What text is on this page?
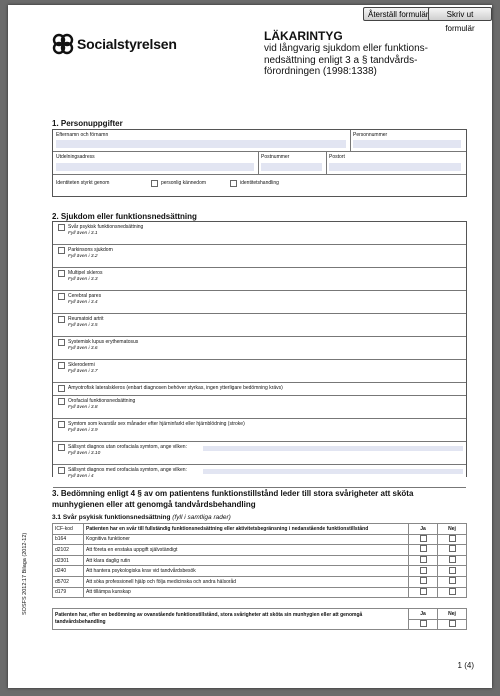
Återställ formulär	Skriv ut formulär
Socialstyrelsen	LÄKARINTYG
vid långvarig sjukdom eller funktions-
nedsättning enligt 3 a § tandvårds-
förordningen (1998:1338)
1. Personuppgifter
Efternamn och förnamn	Personnummer
Utdelningsadress	Postnummer	Postort
Identiteten styrkt genom	personlig kännedom	identitetshandling
2. Sjukdom eller funktionsnedsättning
Svår psykisk funktionsnedsättning
Fyll även i 3.1
Parkinsons sjukdom
Fyll även i 3.2
Multipel skleros
Fyll även i 3.3
Cerebral pares
Fyll även i 3.4
Reumatoid artrit
Fyll även i 3.5
Systemisk lupus erythematosus
Fyll även i 3.6
Sklerodermi
Fyll även i 3.7
Amyotrofisk lateralskleros (enbart diagnosen behöver styrkas, ingen ytterligare bedömning krävs)
Orofacial funktionsnedsättning
Fyll även i 3.8
Symtom som kvarstår sex månader efter hjärninfarkt eller hjärnblödning (stroke)
Fyll även i 3.9
Sällsynt diagnos utan orofaciala symtom, ange vilken:
Fyll även i 3.10
Sällsynt diagnos med orofaciala symtom, ange vilken:
Fyll även i 4
3. Bedömning enligt 4 § av om patientens funktionstillstånd leder till stora svårigheter att sköta
munhygienen eller att genomgå tandvårdsbehandling
3.1 Svår psykisk funktionsnedsättning (fyll i samtliga rader)
ICF-kod	Patienten har en svår till fullständig funktionsnedsättning eller aktivitetsbegränsning i nedanstående funktionstillstånd	Ja	Nej
b164	Kognitiva funktioner		
d2102	Att företa en enstaka uppgift självständigt		
d2301	Att klara daglig rutin		
d240	Att hantera psykologiska krav vid tandvårdsbesök		
d5702	Att söka professionell hjälp och följa medicinska och andra hälsoråd		
d179	Att tillämpa kunskap		
Patienten har, efter en bedömning av ovanstående funktionstillstånd, stora svårigheter att sköta sin munhygien eller att genomgå tandvårdsbehandling	Ja	Nej

SOSFS 2012:17 Bilaga (2012-12)
1 (4)
